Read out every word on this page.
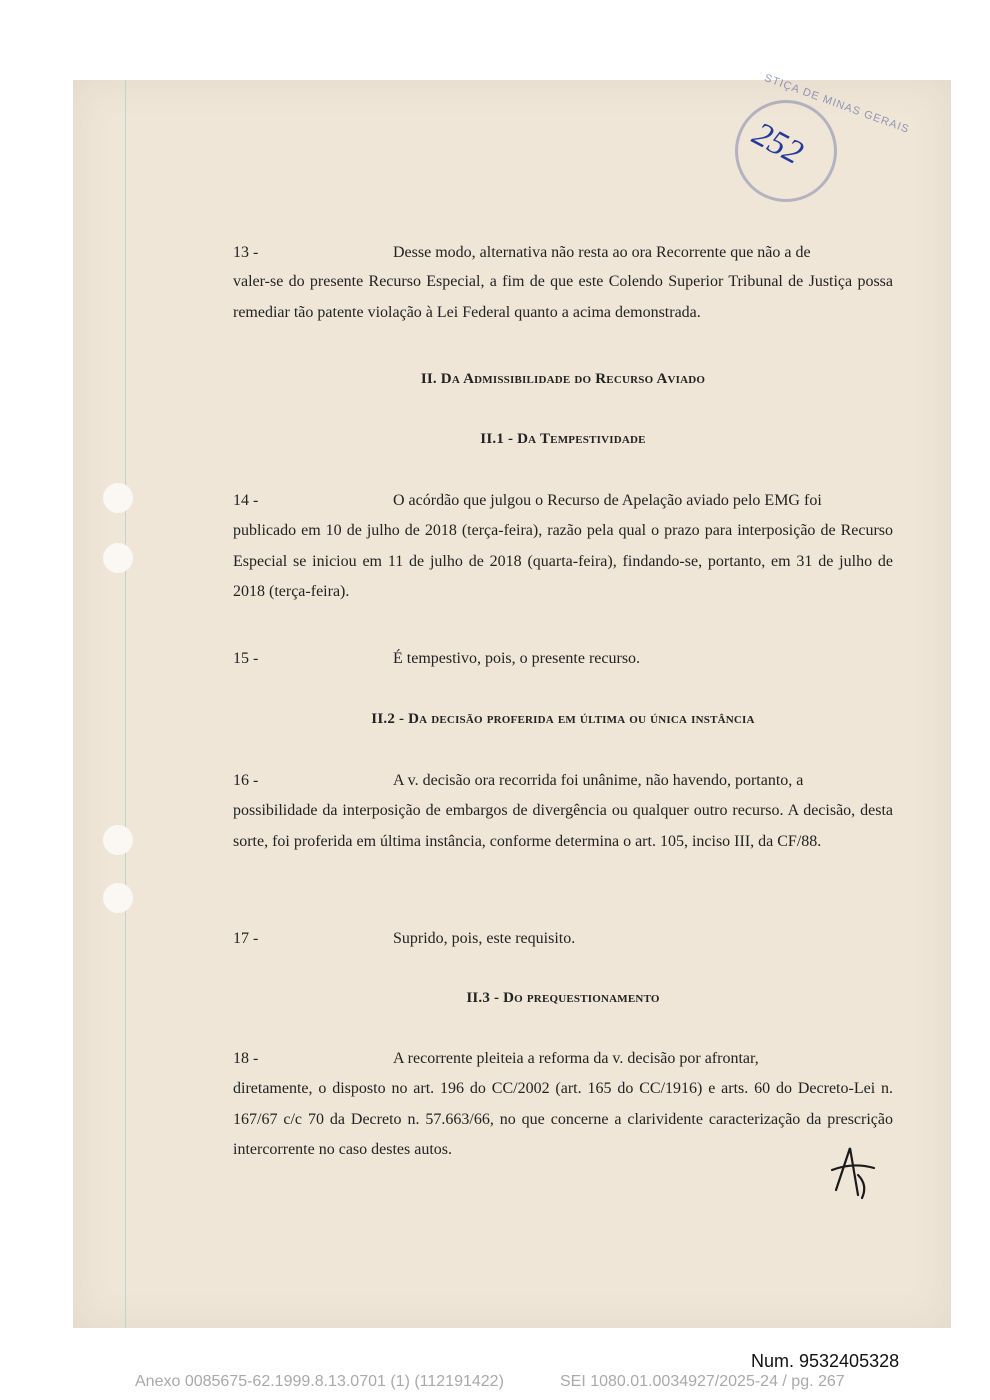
STIÇA DE MINAS GERAIS
252
13 -	Desse modo, alternativa não resta ao ora Recorrente que não a de
valer-se do presente Recurso Especial, a fim de que este Colendo Superior Tribunal de Justiça possa remediar tão patente violação à Lei Federal quanto a acima demonstrada.
II. Da Admissibilidade do Recurso Aviado
II.1 - Da Tempestividade
14 -	O acórdão que julgou o Recurso de Apelação aviado pelo EMG foi
publicado em 10 de julho de 2018 (terça-feira), razão pela qual o prazo para interposição de Recurso Especial se iniciou em 11 de julho de 2018 (quarta-feira), findando-se, portanto, em 31 de julho de 2018 (terça-feira).
15 -	É tempestivo, pois, o presente recurso.
II.2 - Da decisão proferida em última ou única instância
16 -	A v. decisão ora recorrida foi unânime, não havendo, portanto, a
possibilidade da interposição de embargos de divergência ou qualquer outro recurso. A decisão, desta sorte, foi proferida em última instância, conforme determina o art. 105, inciso III, da CF/88.
17 -	Suprido, pois, este requisito.
II.3 - Do prequestionamento
18 -	A recorrente pleiteia a reforma da v. decisão por afrontar,
diretamente, o disposto no art. 196 do CC/2002 (art. 165 do CC/1916) e arts. 60 do Decreto-Lei n. 167/67 c/c 70 da Decreto n. 57.663/66, no que concerne a clarividente caracterização da prescrição intercorrente no caso destes autos.
Num. 9532405328
Anexo 0085675-62.1999.8.13.0701 (1) (112191422)	SEI 1080.01.0034927/2025-24 / pg. 267
